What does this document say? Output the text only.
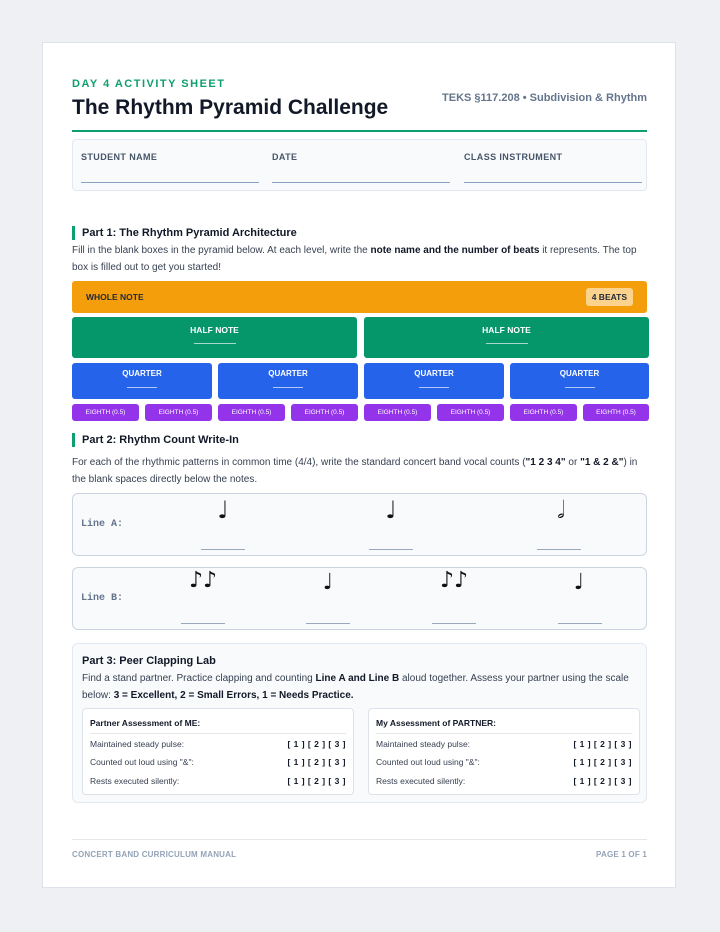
DAY 4 ACTIVITY SHEET
The Rhythm Pyramid Challenge	TEKS §117.208 • Subdivision & Rhythm
STUDENT NAME	DATE	CLASS INSTRUMENT
Part 1: The Rhythm Pyramid Architecture
Fill in the blank boxes in the pyramid below. At each level, write the note name and the number of beats it represents. The top box is filled out to get you started!
WHOLE NOTE	4 BEATS
HALF NOTE	HALF NOTE
QUARTER	QUARTER	QUARTER	QUARTER
EIGHTH (0.5)	EIGHTH (0.5)	EIGHTH (0.5)	EIGHTH (0.5)	EIGHTH (0.5)	EIGHTH (0.5)	EIGHTH (0.5)	EIGHTH (0.5)
Part 2: Rhythm Count Write-In
For each of the rhythmic patterns in common time (4/4), write the standard concert band vocal counts ("1 2 3 4" or "1 & 2 &") in the blank spaces directly below the notes.
Line A:
♩	♩	𝅗𝅥
Line B:
♪♪	♩	♪♪	♩
Part 3: Peer Clapping Lab
Find a stand partner. Practice clapping and counting Line A and Line B aloud together. Assess your partner using the scale below: 3 = Excellent, 2 = Small Errors, 1 = Needs Practice.
Partner Assessment of ME:
Maintained steady pulse:	[ 1 ] [ 2 ] [ 3 ]
Counted out loud using "&":	[ 1 ] [ 2 ] [ 3 ]
Rests executed silently:	[ 1 ] [ 2 ] [ 3 ]
My Assessment of PARTNER:
Maintained steady pulse:	[ 1 ] [ 2 ] [ 3 ]
Counted out loud using "&":	[ 1 ] [ 2 ] [ 3 ]
Rests executed silently:	[ 1 ] [ 2 ] [ 3 ]
CONCERT BAND CURRICULUM MANUAL	PAGE 1 OF 1
